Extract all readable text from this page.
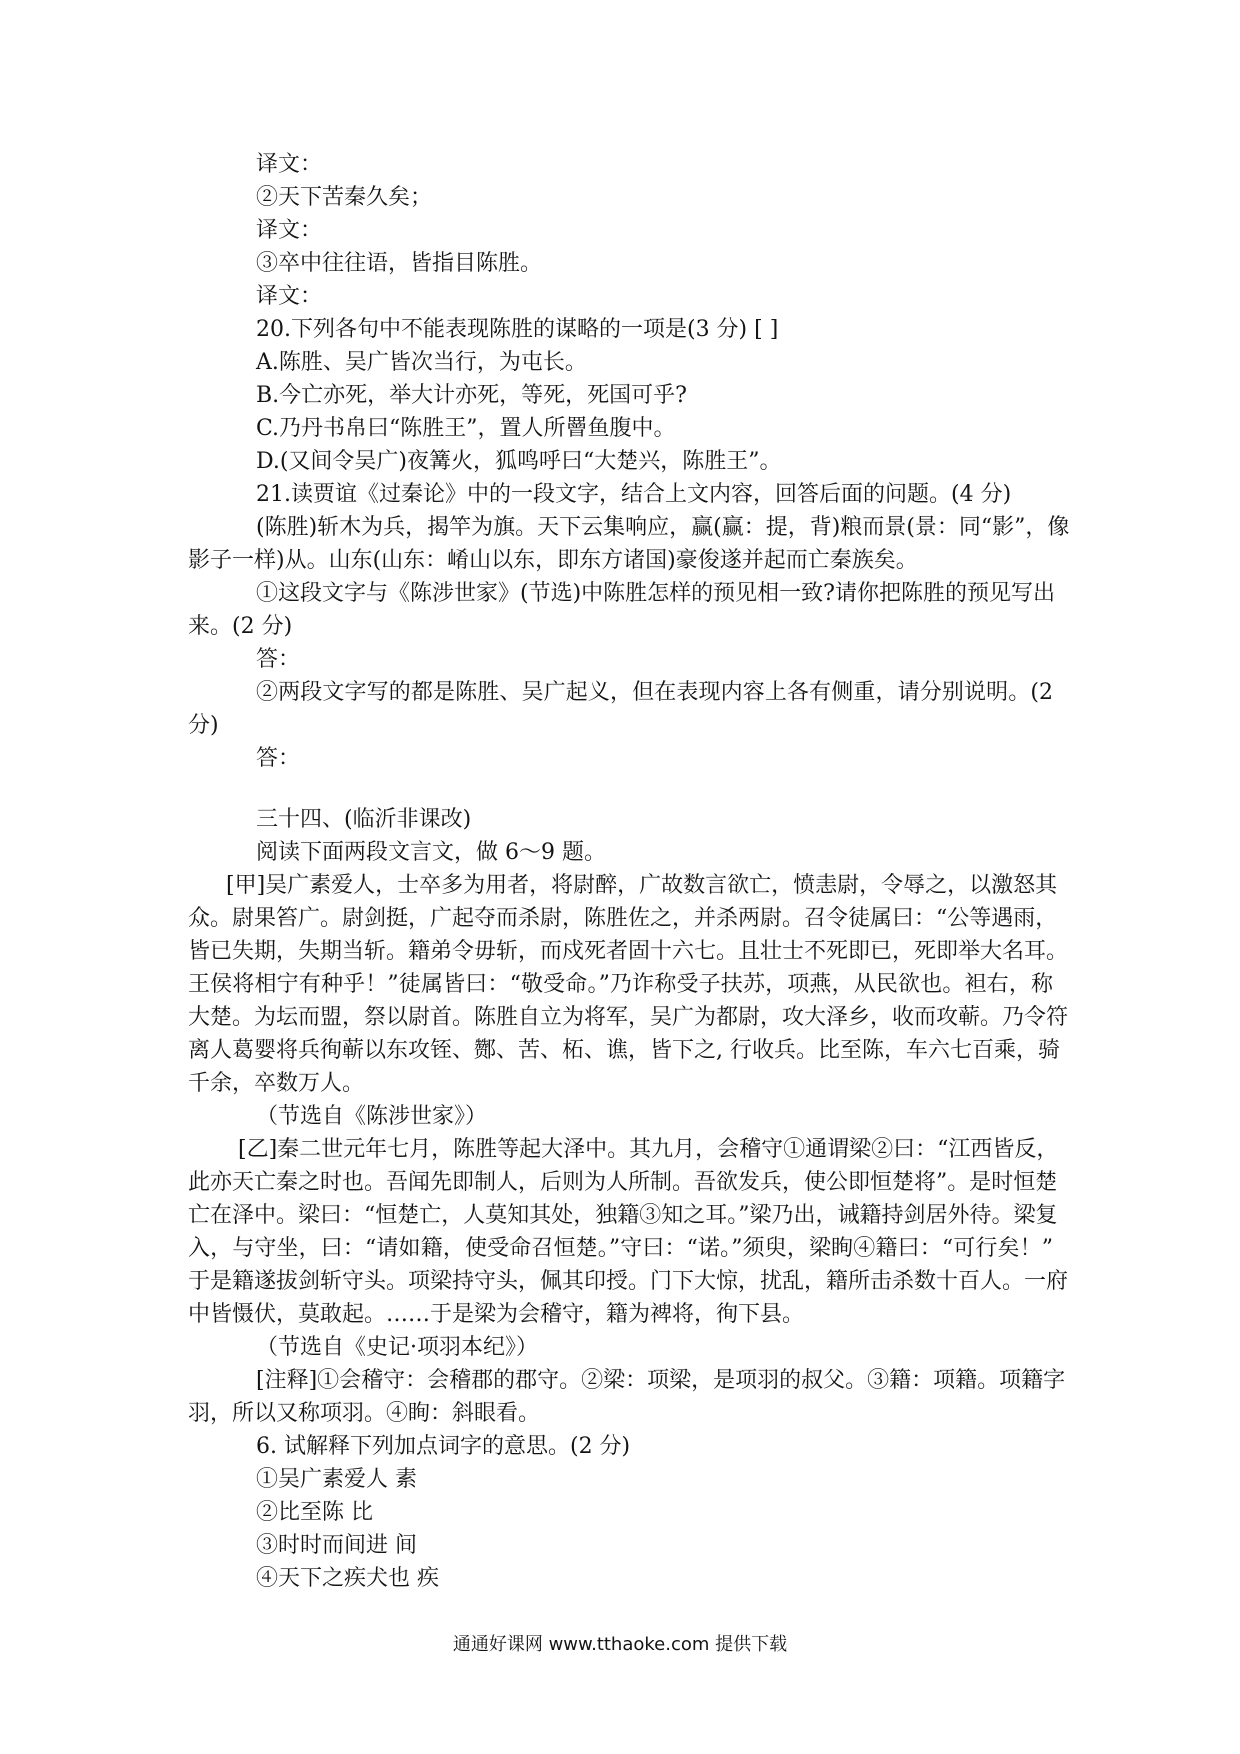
译文：
②天下苦秦久矣；
译文：
③卒中往往语，皆指目陈胜。
译文：
20.下列各句中不能表现陈胜的谋略的一项是(3 分) [ ]
A.陈胜、吴广皆次当行，为屯长。
B.今亡亦死，举大计亦死，等死，死国可乎?
C.乃丹书帛曰“陈胜王”，置人所罾鱼腹中。
D.(又间令吴广)夜篝火，狐鸣呼曰“大楚兴，陈胜王”。
21.读贾谊《过秦论》中的一段文字，结合上文内容，回答后面的问题。(4 分)
(陈胜)斩木为兵，揭竿为旗。天下云集响应，赢(赢：提，背)粮而景(景：同“影”，像
影子一样)从。山东(山东：崤山以东，即东方诸国)豪俊遂并起而亡秦族矣。
①这段文字与《陈涉世家》(节选)中陈胜怎样的预见相一致?请你把陈胜的预见写出
来。(2 分)
答：
②两段文字写的都是陈胜、吴广起义，但在表现内容上各有侧重，请分别说明。(2
分)
答：
三十四、(临沂非课改)
阅读下面两段文言文，做 6～9 题。
[甲]吴广素爱人，士卒多为用者，将尉醉，广故数言欲亡，愤恚尉，令辱之，以激怒其
众。尉果笞广。尉剑挺，广起夺而杀尉，陈胜佐之，并杀两尉。召令徒属曰：“公等遇雨，
皆已失期，失期当斩。籍弟令毋斩，而戍死者固十六七。且壮士不死即已，死即举大名耳。
王侯将相宁有种乎！”徒属皆曰：“敬受命。”乃诈称受子扶苏，项燕，从民欲也。袒右，称
大楚。为坛而盟，祭以尉首。陈胜自立为将军，吴广为都尉，攻大泽乡，收而攻蕲。乃令符
离人葛婴将兵徇蕲以东攻铚、酂、苦、柘、谯，皆下之, 行收兵。比至陈，车六七百乘，骑
千余，卒数万人。
（节选自《陈涉世家》）
[乙]秦二世元年七月，陈胜等起大泽中。其九月，会稽守①通谓梁②曰：“江西皆反，
此亦天亡秦之时也。吾闻先即制人，后则为人所制。吾欲发兵，使公即恒楚将”。是时恒楚
亡在泽中。梁曰：“恒楚亡，人莫知其处，独籍③知之耳。”梁乃出，诫籍持剑居外待。梁复
入，与守坐，曰：“请如籍，使受命召恒楚。”守曰：“诺。”须臾，梁眴④籍曰：“可行矣！”
于是籍遂拔剑斩守头。项梁持守头，佩其印授。门下大惊，扰乱，籍所击杀数十百人。一府
中皆慑伏，莫敢起。……于是梁为会稽守，籍为裨将，徇下县。
（节选自《史记·项羽本纪》）
[注释]①会稽守：会稽郡的郡守。②梁：项梁，是项羽的叔父。③籍：项籍。项籍字
羽，所以又称项羽。④眴：斜眼看。
6. 试解释下列加点词字的意思。(2 分)
①吴广素爱人 素
②比至陈 比
③时时而间进 间
④天下之疾犬也 疾
通通好课网 www.tthaoke.com 提供下载
